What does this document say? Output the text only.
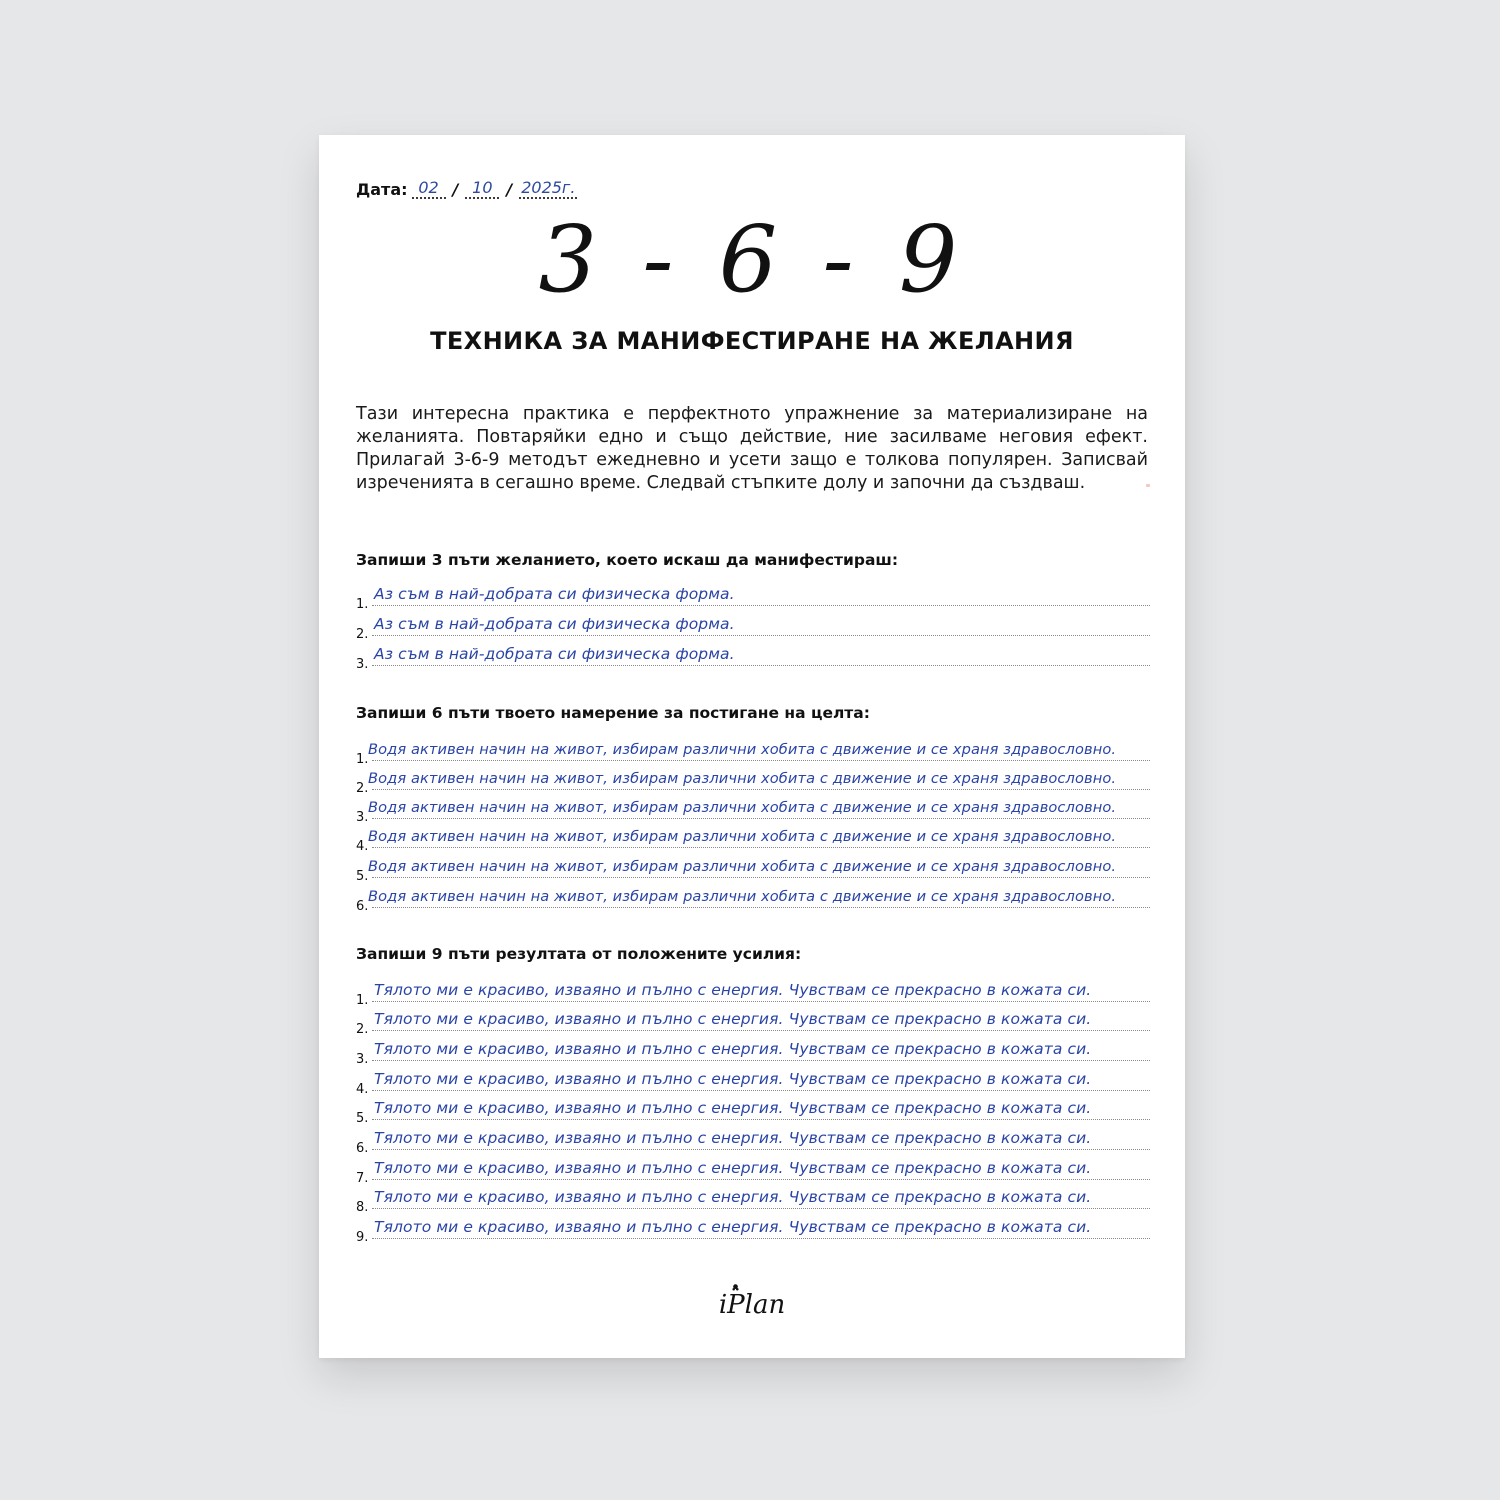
Дата: 02 / 10 / 2025г.
3 - 6 - 9
ТЕХНИКА ЗА МАНИФЕСТИРАНЕ НА ЖЕЛАНИЯ
Тази интересна практика е перфектното упражнение за материализиране на желанията. Повтаряйки едно и също действие, ние засилваме неговия ефект. Прилагай 3-6-9 методът ежедневно и усети защо е толкова популярен. Записвай изреченията в сегашно време. Следвай стъпките долу и започни да създваш.
Запиши 3 пъти желанието, което искаш да манифестираш:
1.
Аз съм в най-добрата си физическа форма.
2.
Аз съм в най-добрата си физическа форма.
3.
Аз съм в най-добрата си физическа форма.
Запиши 6 пъти твоето намерение за постигане на целта:
1.
Водя активен начин на живот, избирам различни хобита с движение и се храня здравословно.
2.
Водя активен начин на живот, избирам различни хобита с движение и се храня здравословно.
3.
Водя активен начин на живот, избирам различни хобита с движение и се храня здравословно.
4.
Водя активен начин на живот, избирам различни хобита с движение и се храня здравословно.
5.
Водя активен начин на живот, избирам различни хобита с движение и се храня здравословно.
6.
Водя активен начин на живот, избирам различни хобита с движение и се храня здравословно.
Запиши 9 пъти резултата от положените усилия:
1.
Тялото ми е красиво, изваяно и пълно с енергия. Чувствам се прекрасно в кожата си.
2.
Тялото ми е красиво, изваяно и пълно с енергия. Чувствам се прекрасно в кожата си.
3.
Тялото ми е красиво, изваяно и пълно с енергия. Чувствам се прекрасно в кожата си.
4.
Тялото ми е красиво, изваяно и пълно с енергия. Чувствам се прекрасно в кожата си.
5.
Тялото ми е красиво, изваяно и пълно с енергия. Чувствам се прекрасно в кожата си.
6.
Тялото ми е красиво, изваяно и пълно с енергия. Чувствам се прекрасно в кожата си.
7.
Тялото ми е красиво, изваяно и пълно с енергия. Чувствам се прекрасно в кожата си.
8.
Тялото ми е красиво, изваяно и пълно с енергия. Чувствам се прекрасно в кожата си.
9.
Тялото ми е красиво, изваяно и пълно с енергия. Чувствам се прекрасно в кожата си.
iPlan
